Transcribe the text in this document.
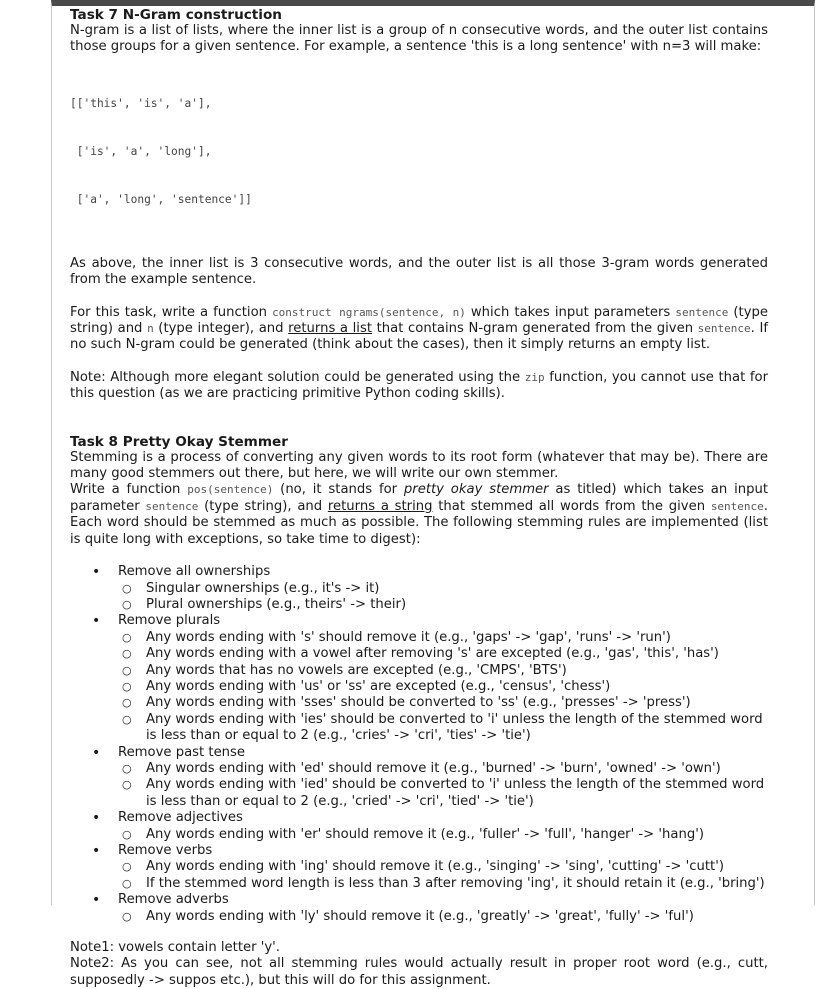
Task 7 N-Gram construction

N-gram is a list of lists, where the inner list is a group of n consecutive words, and the outer list contains those groups for a given sentence. For example, a sentence 'this is a long sentence' with n=3 will make:

[['this', 'is', 'a'],

['is', 'a', 'long'],

['a', 'long', 'sentence']]

As above, the inner list is 3 consecutive words, and the outer list is all those 3-gram words generated from the example sentence.

For this task, write a function construct ngrams(sentence, n) which takes input parameters sentence (type string) and n (type integer), and returns a list that contains N-gram generated from the given sentence. If no such N-gram could be generated (think about the cases), then it simply returns an empty list.

Note: Although more elegant solution could be generated using the zip function, you cannot use that for this question (as we are practicing primitive Python coding skills).

Task 8 Pretty Okay Stemmer

Stemming is a process of converting any given words to its root form (whatever that may be). There are many good stemmers out there, but here, we will write our own stemmer.

Write a function pos(sentence) (no, it stands for pretty okay stemmer as titled) which takes an input parameter sentence (type string), and returns a string that stemmed all words from the given sentence. Each word should be stemmed as much as possible. The following stemming rules are implemented (list is quite long with exceptions, so take time to digest):

• Remove all ownerships
○ Singular ownerships (e.g., it's -> it)
○ Plural ownerships (e.g., theirs' -> their)
• Remove plurals
○ Any words ending with 's' should remove it (e.g., 'gaps' -> 'gap', 'runs' -> 'run')
○ Any words ending with a vowel after removing 's' are excepted (e.g., 'gas', 'this', 'has')
○ Any words that has no vowels are excepted (e.g., 'CMPS', 'BTS')
○ Any words ending with 'us' or 'ss' are excepted (e.g., 'census', 'chess')
○ Any words ending with 'sses' should be converted to 'ss' (e.g., 'presses' -> 'press')
○ Any words ending with 'ies' should be converted to 'i' unless the length of the stemmed word is less than or equal to 2 (e.g., 'cries' -> 'cri', 'ties' -> 'tie')
• Remove past tense
○ Any words ending with 'ed' should remove it (e.g., 'burned' -> 'burn', 'owned' -> 'own')
○ Any words ending with 'ied' should be converted to 'i' unless the length of the stemmed word is less than or equal to 2 (e.g., 'cried' -> 'cri', 'tied' -> 'tie')
• Remove adjectives
○ Any words ending with 'er' should remove it (e.g., 'fuller' -> 'full', 'hanger' -> 'hang')
• Remove verbs
○ Any words ending with 'ing' should remove it (e.g., 'singing' -> 'sing', 'cutting' -> 'cutt')
○ If the stemmed word length is less than 3 after removing 'ing', it should retain it (e.g., 'bring')
• Remove adverbs
○ Any words ending with 'ly' should remove it (e.g., 'greatly' -> 'great', 'fully' -> 'ful')

Note1: vowels contain letter 'y'.

Note2: As you can see, not all stemming rules would actually result in proper root word (e.g., cutt, supposedly -> suppos etc.), but this will do for this assignment.
